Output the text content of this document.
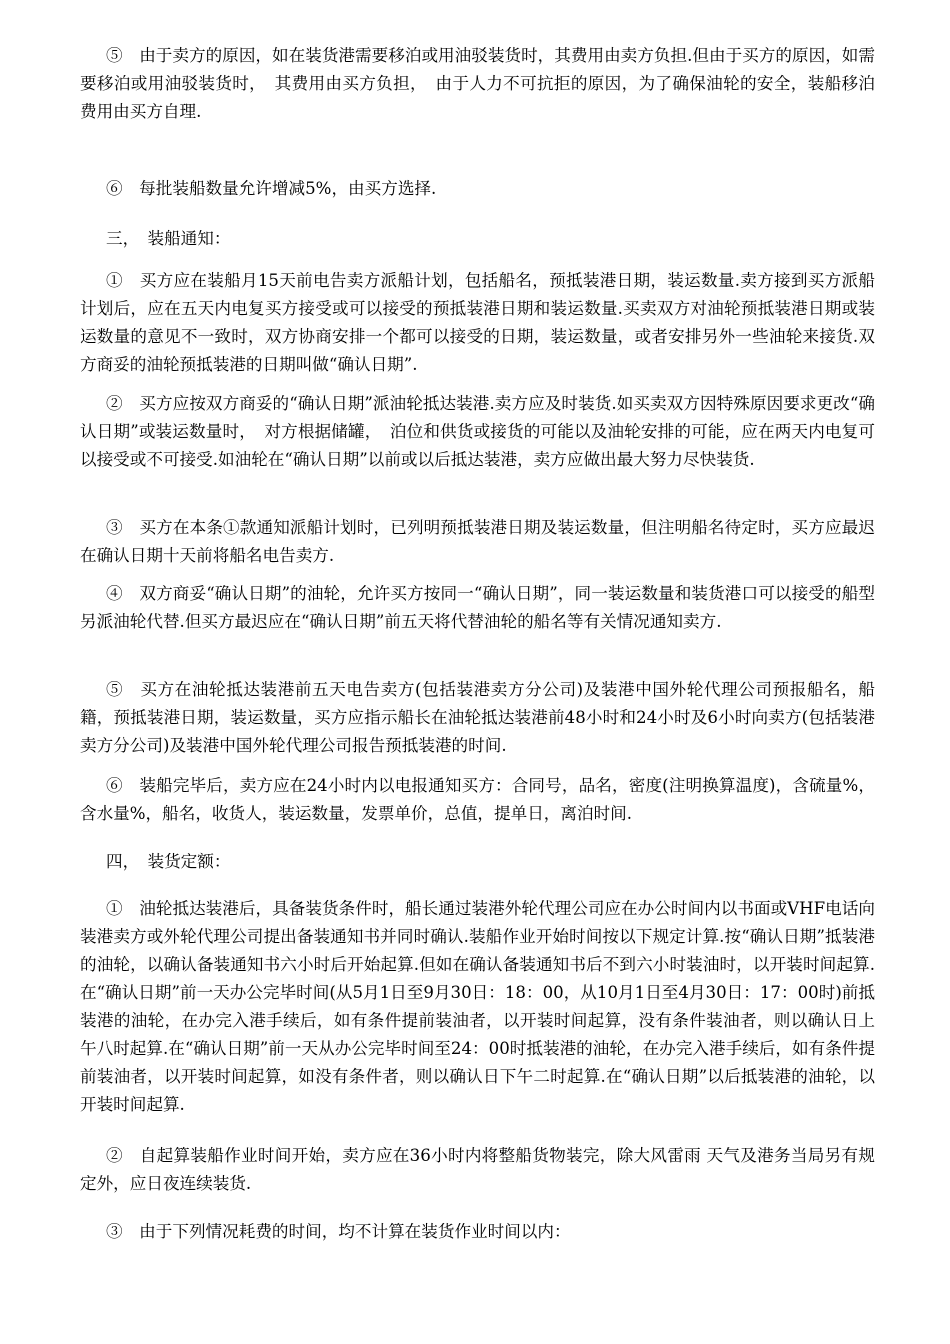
⑤　由于卖方的原因，如在装货港需要移泊或用油驳装货时，其费用由卖方负担.但由于买方的原因，如需要移泊或用油驳装货时，　其费用由买方负担，　由于人力不可抗拒的原因，为了确保油轮的安全，装船移泊费用由买方自理.

⑥　每批装船数量允许增减5%，由买方选择.

三，　装船通知：

①　买方应在装船月15天前电告卖方派船计划，包括船名，预抵装港日期，装运数量.卖方接到买方派船计划后，应在五天内电复买方接受或可以接受的预抵装港日期和装运数量.买卖双方对油轮预抵装港日期或装运数量的意见不一致时，双方协商安排一个都可以接受的日期，装运数量，或者安排另外一些油轮来接货.双方商妥的油轮预抵装港的日期叫做“确认日期”.

②　买方应按双方商妥的“确认日期”派油轮抵达装港.卖方应及时装货.如买卖双方因特殊原因要求更改“确认日期”或装运数量时，　对方根据储罐，　泊位和供货或接货的可能以及油轮安排的可能，应在两天内电复可以接受或不可接受.如油轮在“确认日期”以前或以后抵达装港，卖方应做出最大努力尽快装货.

③　买方在本条①款通知派船计划时，已列明预抵装港日期及装运数量，但注明船名待定时，买方应最迟在确认日期十天前将船名电告卖方.

④　双方商妥“确认日期”的油轮，允许买方按同一“确认日期”，同一装运数量和装货港口可以接受的船型另派油轮代替.但买方最迟应在“确认日期”前五天将代替油轮的船名等有关情况通知卖方.

⑤　买方在油轮抵达装港前五天电告卖方(包括装港卖方分公司)及装港中国外轮代理公司预报船名，船籍，预抵装港日期，装运数量，买方应指示船长在油轮抵达装港前48小时和24小时及6小时向卖方(包括装港卖方分公司)及装港中国外轮代理公司报告预抵装港的时间.

⑥　装船完毕后，卖方应在24小时内以电报通知买方：合同号，品名，密度(注明换算温度)，含硫量%，含水量%，船名，收货人，装运数量，发票单价，总值，提单日，离泊时间.

四，　装货定额：

①　油轮抵达装港后，具备装货条件时，船长通过装港外轮代理公司应在办公时间内以书面或VHF电话向装港卖方或外轮代理公司提出备装通知书并同时确认.装船作业开始时间按以下规定计算.按“确认日期”抵装港的油轮，以确认备装通知书六小时后开始起算.但如在确认备装通知书后不到六小时装油时，以开装时间起算.在“确认日期”前一天办公完毕时间(从5月1日至9月30日：18：00，从10月1日至4月30日：17：00时)前抵装港的油轮，在办完入港手续后，如有条件提前装油者，以开装时间起算，没有条件装油者，则以确认日上午八时起算.在“确认日期”前一天从办公完毕时间至24：00时抵装港的油轮，在办完入港手续后，如有条件提前装油者，以开装时间起算，如没有条件者，则以确认日下午二时起算.在“确认日期”以后抵装港的油轮，以开装时间起算.

②　自起算装船作业时间开始，卖方应在36小时内将整船货物装完，除大风雷雨 天气及港务当局另有规定外，应日夜连续装货.

③　由于下列情况耗费的时间，均不计算在装货作业时间以内：
